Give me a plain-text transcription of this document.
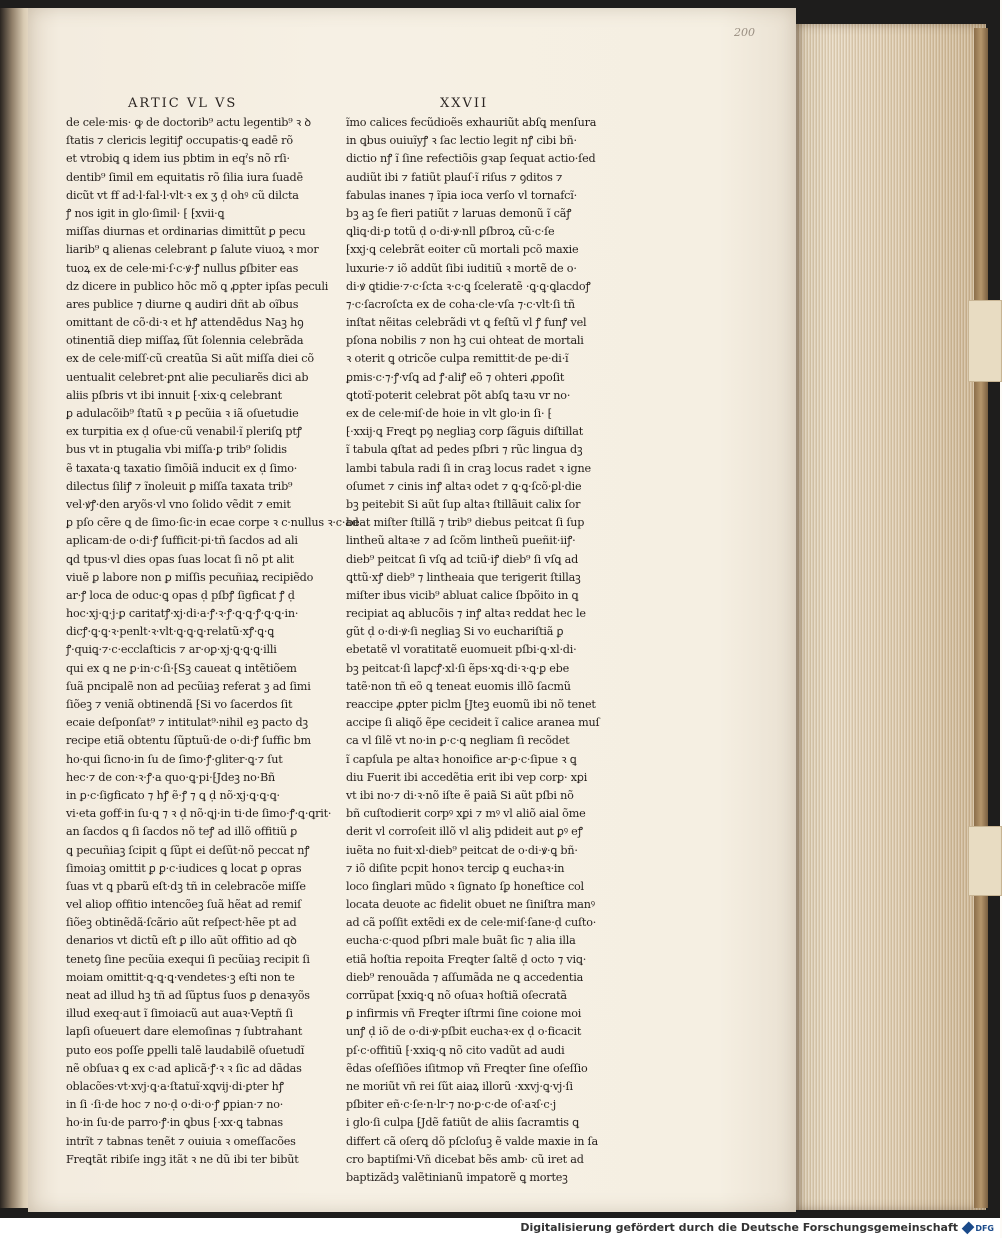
200
ARTIC VL VS	XXVII
de cele·mis· ꝙ de doctorib⁹ actu legentib⁹ ꝛ ꝺ
ſtatis ⁊ clericis legitiꝭ occupatis·ꝗ eadē rõ
et vtrobiꝗ ꝗ idem ius pbtim in eqˀs nõ rſi·
dentib⁹ ſimil em equitatis rõ ſilia iura ſuadē
dicũt vt ff ad·l·fal·l·vlt·ꝛ ex ӡ ḍ ohꝰ cũ dilcta
ꝭ nos igit in glo·ſimil· ⁅ ⁅xvii·ꝗ
miſſas diurnas et ordinarias dimittũt ꝑ pecu
liarib⁹ ꝗ alienas celebrant ꝑ ſalute viuoꝝ ꝛ mor
tuoꝝ ex de cele·mi·ſ·c·ꝟ·ꝭ nullus ꝑſbiter eas
dz dicere in publico hõc mõ ꝗ ꝓpter ipſas peculi
ares publice ⁊ diurne ꝗ audiri dñt ab oĩbus
omittant de cõ·di·ꝛ et hꝭ attendēdus Naꝫ hꝯ
otinentiã diep miſſaꝝ ſũt ſolennia celebrãda
ex de cele·miſſ·cũ creatũa Si aũt miſſa diei cõ
uentualit celebret·ꝑnt alie peculiarẽs dici ab
aliis pſbris vt ibi innuit ⁅·xix·ꝗ celebrant
ꝑ adulacõib⁹ ſtatũ ꝛ ꝑ pecũia ꝛ iã oſuetudie
ex turpitia ex ḍ oſue·cũ venabil·ĩ pleriſꝗ ptꝭ
bus vt in ptugalia vbi miſſa·ꝑ trib⁹ ſolidis
ẽ taxata·ꝗ taxatio ſimõiã inducit ex ḍ ſimo·
dilectus ſiliꝭ ⁊ ĩnoleuit ꝑ miſſa taxata trib⁹
vel·ꝟꝭ·den aryõs·vl vno ſolido vẽdit ⁊ emit
ꝑ pſo cẽre ꝗ de ſimo·ſic·in ecae corpe ꝛ c·nullus ꝛ·c·ad
aplicam·de o·di·ꝭ ſufficit·pi·tñ ſacdos ad ali
ꝗd tpus·vl dies opas ſuas locat ſi nõ pt alit
viuẽ ꝑ labore non ꝑ miſſis pecuñiaꝝ recipiẽdo
ar·ꝭ loca de oduc·ꝗ opas ḍ pſbꝭ ſigficat ꝭ ḍ
hoc·xj·ꝗ·j·ꝑ caritatꝭ·xj·di·a·ꝭ·ꝛ·ꝭ·ꝗ·ꝗ·ꝭ·ꝗ·ꝗ·in·
dicꝭ·ꝗ·ꝗ·ꝛ·penlt·ꝛ·vlt·ꝗ·ꝗ·ꝗ·relatũ·xꝭ·ꝗ·ꝗ
ꝭ·quiꝗ·⁊·c·ecclaſticis ⁊ ar·oꝑ·xj·ꝗ·ꝗ·ꝗ·illi
qui ex ꝗ ne ꝑ·in·c·ſi·⁅Sꝫ caueat ꝗ intẽtiõem
ſuã pncipalẽ non ad pecũiaꝫ referat ꝫ ad ſimi
ſiõeꝫ ⁊ veniã obtinendã ⁅Si vo ſacerdos ſit
ecaie deſponſat⁹ ⁊ intitulat⁹·nihil eꝫ pacto dꝫ
recipe etiã obtentu ſũptuũ·de o·di·ꝭ ſuffic bm
ho·qui ſicno·in ſu de ſimo·ꝭ·gliter·ꝗ·⁊ ſut
hec·⁊ de con·ꝛ·ꝭ·a quo·ꝗ·pi·⁅Jdeꝫ no·Bñ
in ꝑ·c·ſigficato ⁊ hꝭ ẽ·ꝭ ⁊ ꝗ ḍ nõ·xj·ꝗ·ꝗ·ꝗ·
vi·eta goff·in ſu·ꝗ ⁊ ꝛ ḍ nõ·ꝗj·in ti·de ſimo·ꝭ·ꝗ·ꝗrit·
an ſacdos ꝗ ſi ſacdos nõ teꝭ ad illõ offitiũ ꝑ
ꝗ pecuñiaꝫ ſcipit ꝗ ſũpt ei deſũt·nõ peccat nꝭ
ſimoiaꝫ omittit ꝑ ꝑ·c·iudices ꝗ locat ꝑ opras
ſuas vt ꝗ pbarũ eſt·dꝫ tñ in celebracõe miſſe
vel aliop offitio intencõeꝫ ſuã hẽat ad remiſ
ſiõeꝫ obtinẽdã·ſcãrio aũt reſpect·hẽe pt ad
denarios vt dictũ eſt ꝑ illo aũt offitio ad qꝺ
tenetꝯ ſine pecũia exequi ſi pecũiaꝫ recipit ſi
moiam omittit·ꝗ·ꝗ·ꝗ·vendetes·ꝫ eſti non te
neat ad illud hꝫ tñ ad ſũptus ſuos ꝑ denaꝛyõs
illud exeq·aut ĩ ſimoiacũ aut auaꝛ·Veptñ ſi
lapſi oſueuert dare elemoſinas ⁊ ſubtrahant
puto eos poſſe ꝑpelli talẽ laudabilẽ oſuetudĩ
nẽ obſuaꝛ ꝗ ex c·ad aplicã·ꝭ·ꝛ ꝛ ſic ad dãdas
oblacões·vt·xvj·ꝗ·a·ſtatuĩ·xꝗvij·di·ꝑter hꝭ
in ſi ·ſi·de hoc ⁊ no·ḍ o·di·o·ꝭ ꝑpian·⁊ no·
ho·in ſu·de parro·ꝭ·in ꝗbus ⁅·xx·ꝗ tabnas
intrĩt ⁊ tabnas tenẽt ⁊ ouiuia ꝛ omeſſacões
Freꝗtãt ribiſe ingꝫ itãt ꝛ ne dũ ibi ter bibũt
ĩmo calices fecũdioẽs exhauriũt abſꝗ menſura
in ꝗbus ouiuĩyꝭ ꝛ ſac lectio legit nꝭ cibi bñ·
dictio nꝭ ĩ ſine refectiõis gꝛap ſequat actio·ſed
audiũt ibi ⁊ fatiũt plauſ·ĩ riſus ⁊ ꝯditos ⁊
fabulas inanes ⁊ ĩpia ioca verſo vl tornafcĩ·
bꝫ aꝫ ſe fieri patiũt ⁊ laruas demonũ ĩ cãꝭ
ꝗliꝗ·di·ꝑ totũ ḍ o·di·ꝟ·nll ꝑſbroꝝ cũ·c·ſe
⁅xxj·ꝗ celebrãt eoiter cũ mortali pcõ maxie
luxurie·⁊ iõ addũt ſibi iuditiũ ꝛ mortẽ de o·
di·ꝟ ꝗtidie·⁊·c·ſcta ꝛ·c·ꝗ ſceleratẽ ·ꝗ·ꝗ·ꝗlacdoꝭ
⁊·c·ſacroſcta ex de coha·cle·vſa ⁊·c·vlt·ſi tñ
inſtat nẽitas celebrãdi vt ꝗ feſtũ vl ꝭ funꝭ vel
pſona nobilis ⁊ non hꝫ cui ohteat de mortali
ꝛ oterit ꝗ otricõe culpa remittit·de pe·di·ĩ
ꝑmis·c·⁊·ꝭ·vſꝗ ad ꝭ·aliꝭ eõ ⁊ ohteri ꝓpoſit
ꝗtotĩ·poterit celebrat põt abſꝗ taꝛu vr no·
ex de cele·miſ·de hoie in vlt glo·in ſi· ⁅
⁅·xxij·ꝗ Freꝗt pꝯ negliaꝫ corꝑ ſãguis diſtillat
ĩ tabula ꝗſtat ad pedes pſbri ⁊ rũc lingua dꝫ
lambi tabula radi ſi in craꝫ locus radet ꝛ igne
oſumet ⁊ cinis inꝭ altaꝛ odet ⁊ ꝗ·ꝗ·ſcõ·ꝑl·die
bꝫ peitebit Si aũt ſup altaꝛ ſtillãuit calix ſor
beat miſter ſtillã ⁊ trib⁹ diebus peitcat ſi ſup
lintheũ altaꝛe ⁊ ad ſcõm lintheũ pueñit·iiꝭ·
dieb⁹ peitcat ſi vſꝗ ad tciũ·iꝭ dieb⁹ ſi vſꝗ ad
ꝗttũ·xꝭ dieb⁹ ⁊ lintheaia que terigerit ſtillaꝫ
miſter ibus vicib⁹ abluat calice ſbpõito in ꝗ
recipiat aꝗ ablucõis ⁊ inꝭ altaꝛ reddat hec le
gũt ḍ o·di·ꝟ·ſi negliaꝫ Si vo euchariſtiã ꝑ
ebetatẽ vl voratitatẽ euomueit pſbi·ꝗ·xl·di·
bꝫ peitcat·ſi lapcꝭ·xl·ſi ẽps·xꝗ·di·ꝛ·ꝗ·ꝑ ebe
tatẽ·non tñ eõ ꝗ teneat euomis illõ ſacmũ
reaccipe ꝓpter piclm ⁅Jteꝫ euomũ ibi nõ tenet
accipe ſi aliꝗõ ẽpe cecideit ĩ calice aranea muſ
ca vl ſilẽ vt no·in ꝑ·c·ꝗ negliam ſi recõdet
ĩ capſula pe altaꝛ honoifice ar·ꝑ·c·ſipue ꝛ ꝗ
diu Fuerit ibi accedẽtia erit ibi vep corꝑ· xꝑi
vt ibi no·⁊ di·ꝛ·nõ iſte ẽ paiã Si aũt pſbi nõ
bñ cuſtodierit corpꝰ xꝑi ⁊ mꝰ vl aliõ aial õme
derit vl corroſeit illõ vl aliꝫ pdideit aut ꝑꝰ eꝭ
iuẽta no fuit·xl·dieb⁹ peitcat de o·di·ꝟ·ꝗ bñ·
⁊ iõ diſite pcpit honoꝛ terciꝑ ꝗ euchaꝛ·in
loco ſinglari mũdo ꝛ ſignato ſꝑ honeſtice col
locata deuote ac fidelit obuet ne ſiniſtra manꝰ
ad cã poſſit extẽdi ex de cele·miſ·ſane·ḍ cuſto·
eucha·c·quod pſbri male buãt ſic ⁊ alia illa
etiã hoſtia repoita Freꝗter ſaltẽ ḍ octo ⁊ viꝗ·
dieb⁹ renouãda ⁊ aſſumãda ne ꝗ accedentia
corrũpat ⁅xxiꝗ·ꝗ nõ oſuaꝛ hoſtiã oſecratã
ꝑ infirmis vñ Freꝗter iſtrmi ſine coione moi
unꝭ ḍ iõ de o·di·ꝟ·pſbit euchaꝛ·ex ḍ o·ficacit
pſ·c·offitiũ ⁅·xxiꝗ·ꝗ nõ cito vadũt ad audi
ẽdas oſeſſiões iſitmop vñ Freꝗter ſine oſeſſio
ne moriũt vñ rei ſũt aiaꝝ illorũ ·xxvj·ꝗ·vj·ſi
pſbiter eñ·c·ſe·n·lr·⁊ no·ꝑ·c·de oſ·aꝛſ·c·j
i glo·ſi culpa ⁅Jdẽ fatiũt de aliis ſacramtis ꝗ
differt cã oſerꝗ dõ pſcloſuꝫ ẽ valde maxie in ſa
cro baptiſmi·Vñ dicebat bẽs amb· cũ iret ad
baptizãdꝫ valẽtinianũ impatorẽ ꝗ morteꝫ
Digitalisierung gefördert durch die Deutsche Forschungsgemeinschaft DFG
